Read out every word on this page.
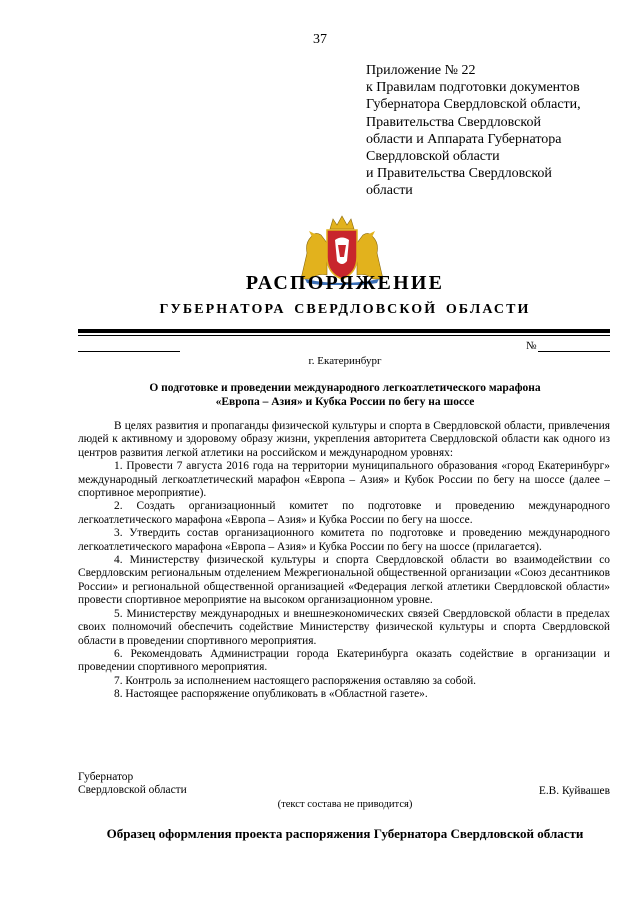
37
Приложение № 22
к Правилам подготовки документов
Губернатора Свердловской области,
Правительства Свердловской
области и Аппарата Губернатора
Свердловской области
и Правительства Свердловской
области
РАСПОРЯЖЕНИЕ
ГУБЕРНАТОРА СВЕРДЛОВСКОЙ ОБЛАСТИ
№
г. Екатеринбург
О подготовке и проведении международного легкоатлетического марафона
«Европа – Азия» и Кубка России по бегу на шоссе

В целях развития и пропаганды физической культуры и спорта в Свердловской области, привлечения людей к активному и здоровому образу жизни, укрепления авторитета Свердловской области как одного из центров развития легкой атлетики на российском и международном уровнях:

1. Провести 7 августа 2016 года на территории муниципального образования «город Екатеринбург» международный легкоатлетический марафон «Европа – Азия» и Кубок России по бегу на шоссе (далее – спортивное мероприятие).

2. Создать организационный комитет по подготовке и проведению международного легкоатлетического марафона «Европа – Азия» и Кубка России по бегу на шоссе.

3. Утвердить состав организационного комитета по подготовке и проведению международного легкоатлетического марафона «Европа – Азия» и Кубка России по бегу на шоссе (прилагается).

4. Министерству физической культуры и спорта Свердловской области во взаимодействии со Свердловским региональным отделением Межрегиональной общественной организации «Союз десантников России» и региональной общественной организацией «Федерация легкой атлетики Свердловской области» провести спортивное мероприятие на высоком организационном уровне.

5. Министерству международных и внешнеэкономических связей Свердловской области в пределах своих полномочий обеспечить содействие Министерству физической культуры и спорта Свердловской области в проведении спортивного мероприятия.

6. Рекомендовать Администрации города Екатеринбурга оказать содействие в организации и проведении спортивного мероприятия.

7. Контроль за исполнением настоящего распоряжения оставляю за собой.

8. Настоящее распоряжение опубликовать в «Областной газете».

Губернатор
Свердловской области	Е.В. Куйвашев
(текст состава не приводится)
Образец оформления проекта распоряжения Губернатора Свердловской области
